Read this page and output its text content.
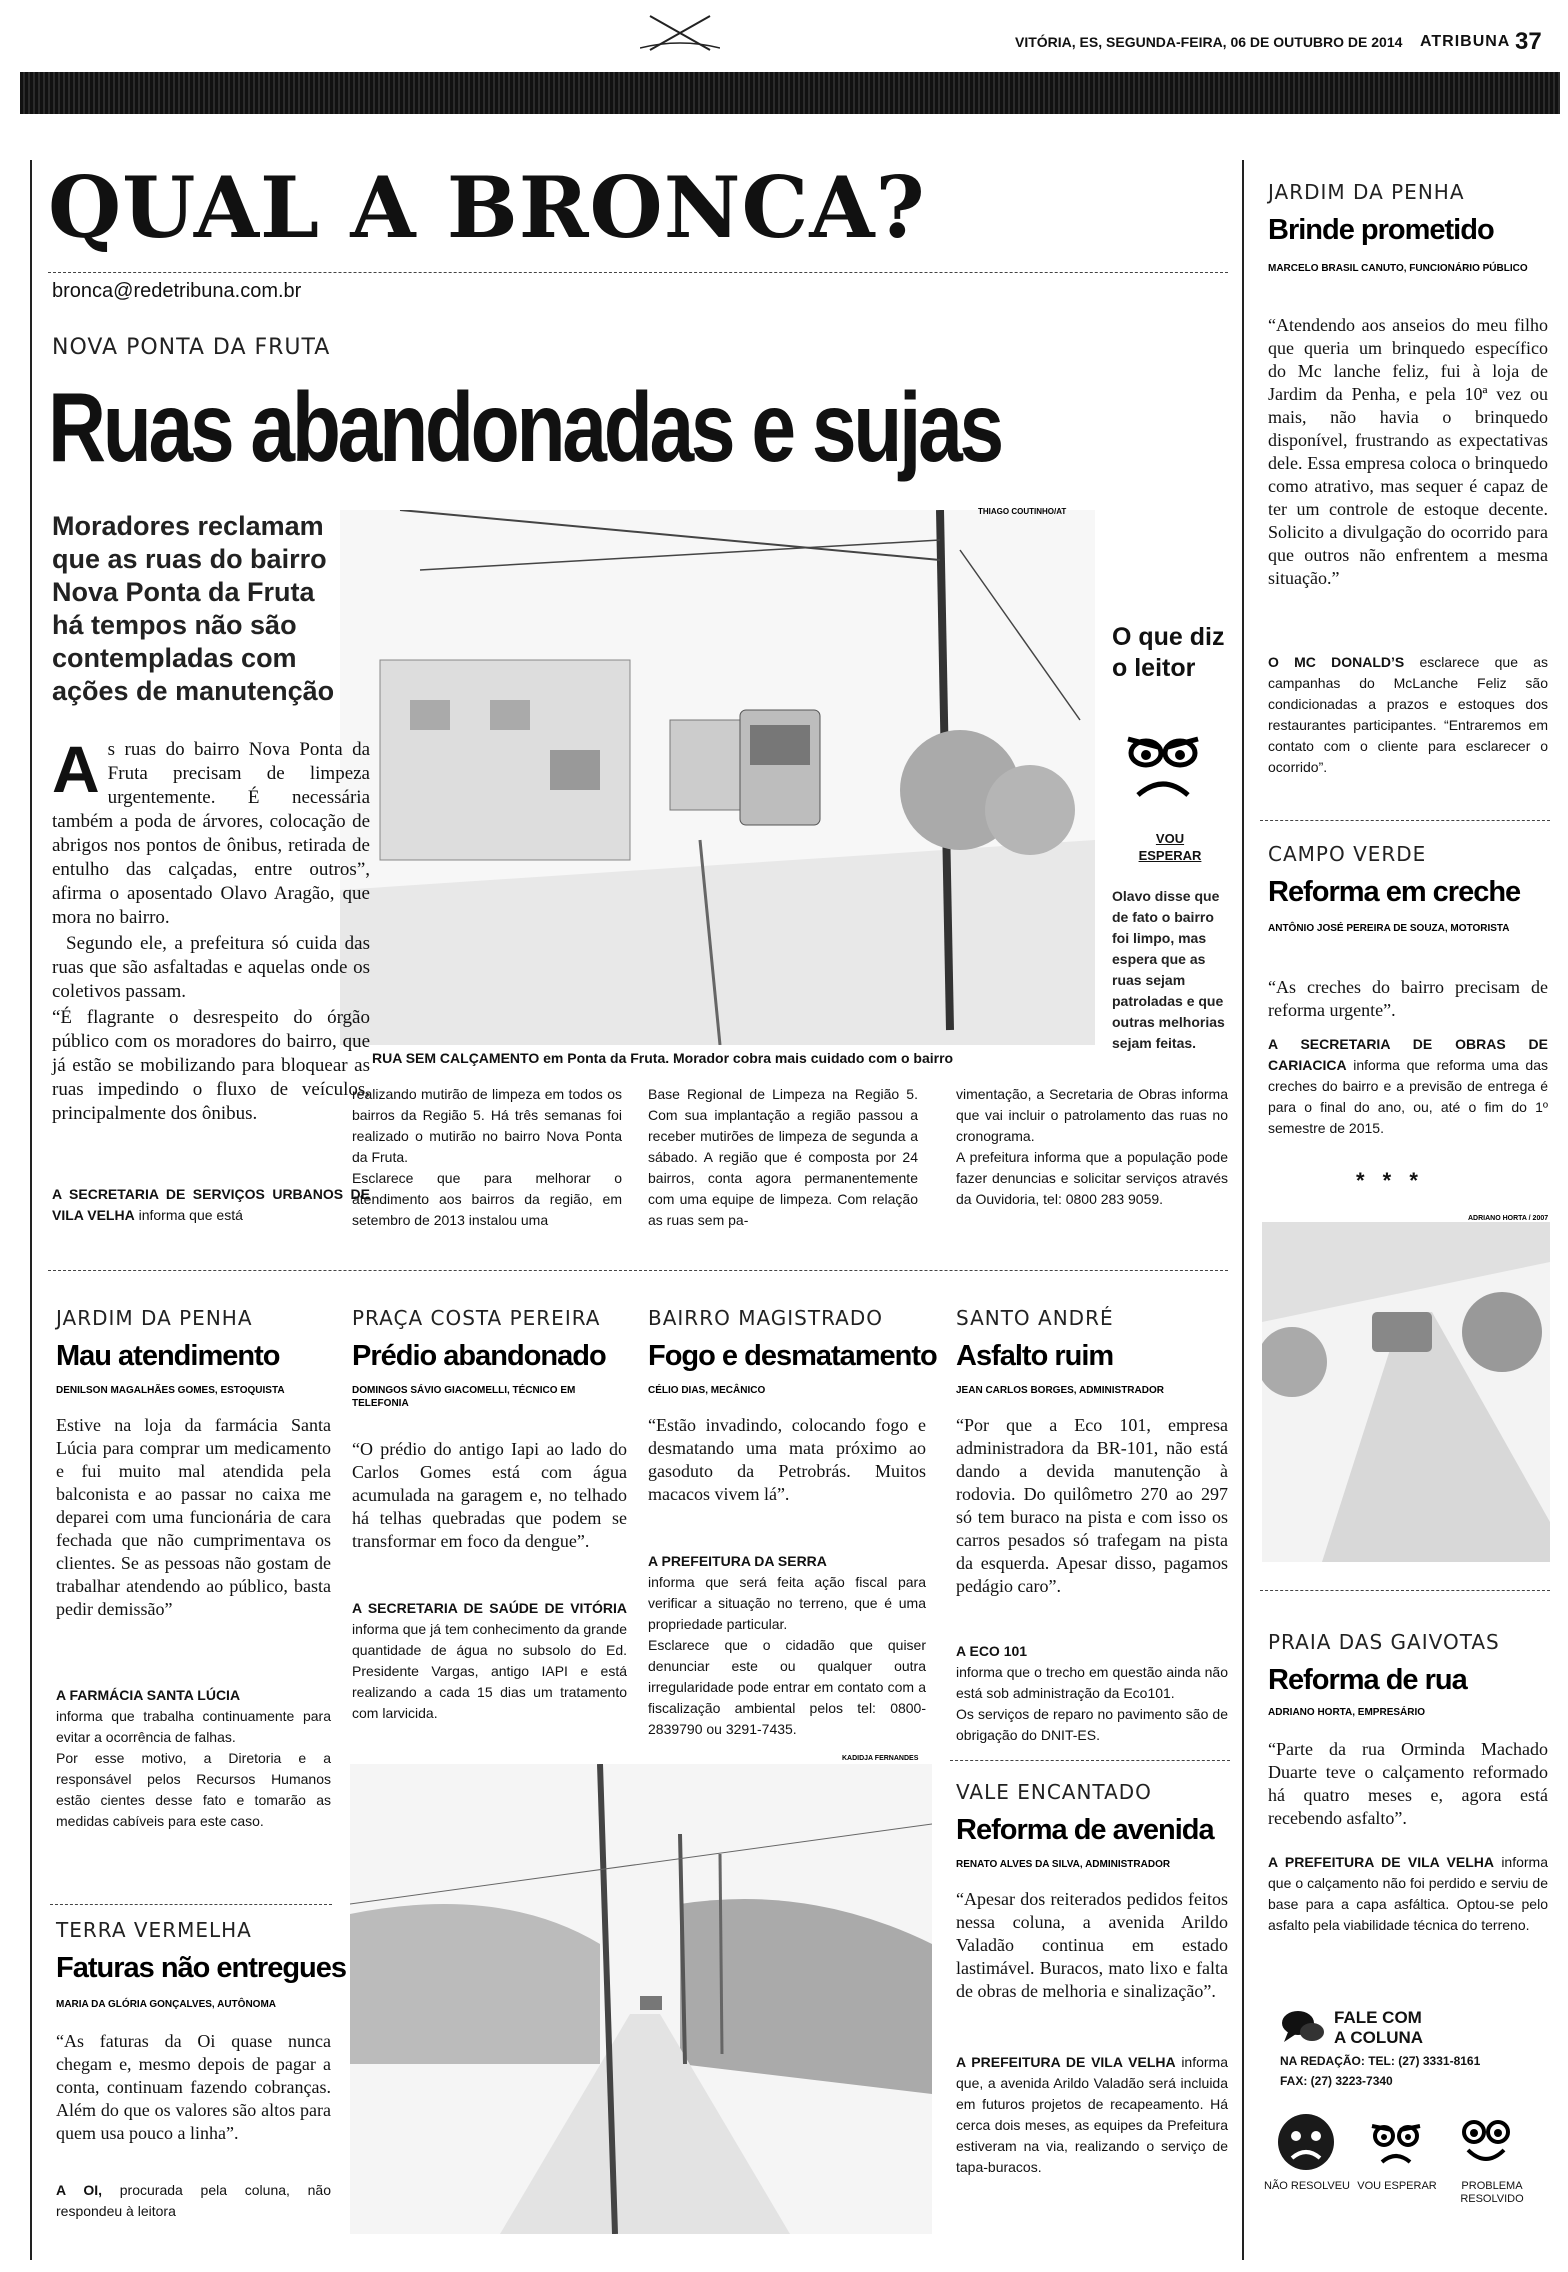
VITÓRIA, ES, SEGUNDA-FEIRA, 06 DE OUTUBRO DE 2014 ATRIBUNA 37
QUAL A BRONCA?
bronca@redetribuna.com.br
NOVA PONTA DA FRUTA
Ruas abandonadas e sujas
Moradores reclamam que as ruas do bairro Nova Ponta da Fruta há tempos não são contempladas com ações de manutenção
THIAGO COUTINHO/AT
RUA SEM CALÇAMENTO em Ponta da Fruta. Morador cobra mais cuidado com o bairro
O que diz o leitor
VOU ESPERAR
Olavo disse que de fato o bairro foi limpo, mas espera que as ruas sejam patroladas e que outras melhorias sejam feitas.
A s ruas do bairro Nova Ponta da Fruta precisam de limpeza urgentemente. É necessária também a poda de árvores, colocação de abrigos nos pontos de ônibus, retirada de entulho das calçadas, entre outros”, afirma o aposentado Olavo Aragão, que mora no bairro.
Segundo ele, a prefeitura só cuida das ruas que são asfaltadas e aquelas onde os coletivos passam.
“É flagrante o desrespeito do órgão público com os moradores do bairro, que já estão se mobilizando para bloquear as ruas impedindo o fluxo de veículos, principalmente dos ônibus.
A SECRETARIA DE SERVIÇOS URBANOS DE VILA VELHA informa que está
realizando mutirão de limpeza em todos os bairros da Região 5. Há três semanas foi realizado o mutirão no bairro Nova Ponta da Fruta.
Esclarece que para melhorar o atendimento aos bairros da região, em setembro de 2013 instalou uma
Base Regional de Limpeza na Região 5. Com sua implantação a região passou a receber mutirões de limpeza de segunda a sábado. A região que é composta por 24 bairros, conta agora permanentemente com uma equipe de limpeza. Com relação as ruas sem pa-
vimentação, a Secretaria de Obras informa que vai incluir o patrolamento das ruas no cronograma.
A prefeitura informa que a população pode fazer denuncias e solicitar serviços através da Ouvidoria, tel: 0800 283 9059.
JARDIM DA PENHA
Brinde prometido
MARCELO BRASIL CANUTO, FUNCIONÁRIO PÚBLICO
“Atendendo aos anseios do meu filho que queria um brinquedo específico do Mc lanche feliz, fui à loja de Jardim da Penha, e pela 10ª vez ou mais, não havia o brinquedo disponível, frustrando as expectativas dele. Essa empresa coloca o brinquedo como atrativo, mas sequer é capaz de ter um controle de estoque decente. Solicito a divulgação do ocorrido para que outros não enfrentem a mesma situação.”
O MC DONALD’S esclarece que as campanhas do McLanche Feliz são condicionadas a prazos e estoques dos restaurantes participantes. “Entraremos em contato com o cliente para esclarecer o ocorrido”.
CAMPO VERDE
Reforma em creche
ANTÔNIO JOSÉ PEREIRA DE SOUZA, MOTORISTA
“As creches do bairro precisam de reforma urgente”.
A SECRETARIA DE OBRAS DE CARIACICA informa que reforma uma das creches do bairro e a previsão de entrega é para o final do ano, ou, até o fim do 1º semestre de 2015.
* * *
ADRIANO HORTA / 2007
PRAIA DAS GAIVOTAS
Reforma de rua
ADRIANO HORTA, EMPRESÁRIO
“Parte da rua Orminda Machado Duarte teve o calçamento reformado há quatro meses e, agora está recebendo asfalto”.
A PREFEITURA DE VILA VELHA informa que o calçamento não foi perdido e serviu de base para a capa asfáltica. Optou-se pelo asfalto pela viabilidade técnica do terreno.
FALE COM A COLUNA
NA REDAÇÃO: TEL: (27) 3331-8161
FAX: (27) 3223-7340
NÃO RESOLVEU VOU ESPERAR	PROBLEMA RESOLVIDO
JARDIM DA PENHA
Mau atendimento
DENILSON MAGALHÃES GOMES, ESTOQUISTA
Estive na loja da farmácia Santa Lúcia para comprar um medicamento e fui muito mal atendida pela balconista e ao passar no caixa me deparei com uma funcionária de cara fechada que não cumprimentava os clientes. Se as pessoas não gostam de trabalhar atendendo ao público, basta pedir demissão”

A FARMÁCIA SANTA LÚCIA
informa que trabalha continuamente para evitar a ocorrência de falhas.
Por esse motivo, a Diretoria e a responsável pelos Recursos Humanos estão cientes desse fato e tomarão as medidas cabíveis para este caso.

TERRA VERMELHA
Faturas não entregues
MARIA DA GLÓRIA GONÇALVES, AUTÔNOMA
“As faturas da Oi quase nunca chegam e, mesmo depois de pagar a conta, continuam fazendo cobranças. Além do que os valores são altos para quem usa pouco a linha”.
A OI, procurada pela coluna, não respondeu à leitora
PRAÇA COSTA PEREIRA
Prédio abandonado
DOMINGOS SÁVIO GIACOMELLI, TÉCNICO EM TELEFONIA
“O prédio do antigo Iapi ao lado do Carlos Gomes está com água acumulada na garagem e, no telhado há telhas quebradas que podem se transformar em foco da dengue”.
A SECRETARIA DE SAÚDE DE VITÓRIA informa que já tem conhecimento da grande quantidade de água no subsolo do Ed. Presidente Vargas, antigo IAPI e está realizando a cada 15 dias um tratamento com larvicida.
KADIDJA FERNANDES
BAIRRO MAGISTRADO
Fogo e desmatamento
CÉLIO DIAS, MECÂNICO
“Estão invadindo, colocando fogo e desmatando uma mata próximo ao gasoduto da Petrobrás. Muitos macacos vivem lá”.

A PREFEITURA DA SERRA
informa que será feita ação fiscal para verificar a situação no terreno, que é uma propriedade particular.
Esclarece que o cidadão que quiser denunciar este ou qualquer outra irregularidade pode entrar em contato com a fiscalização ambiental pelos tel: 0800-2839790 ou 3291-7435.

SANTO ANDRÉ
Asfalto ruim
JEAN CARLOS BORGES, ADMINISTRADOR
“Por que a Eco 101, empresa administradora da BR-101, não está dando a devida manutenção à rodovia. Do quilômetro 270 ao 297 só tem buraco na pista e com isso os carros pesados só trafegam na pista da esquerda. Apesar disso, pagamos pedágio caro”.

A ECO 101
informa que o trecho em questão ainda não está sob administração da Eco101.
Os serviços de reparo no pavimento são de obrigação do DNIT-ES.

VALE ENCANTADO
Reforma de avenida
RENATO ALVES DA SILVA, ADMINISTRADOR
“Apesar dos reiterados pedidos feitos nessa coluna, a avenida Arildo Valadão continua em estado lastimável. Buracos, mato lixo e falta de obras de melhoria e sinalização”.
A PREFEITURA DE VILA VELHA informa que, a avenida Arildo Valadão será incluida em futuros projetos de recapeamento. Há cerca dois meses, as equipes da Prefeitura estiveram na via, realizando o serviço de tapa-buracos.
